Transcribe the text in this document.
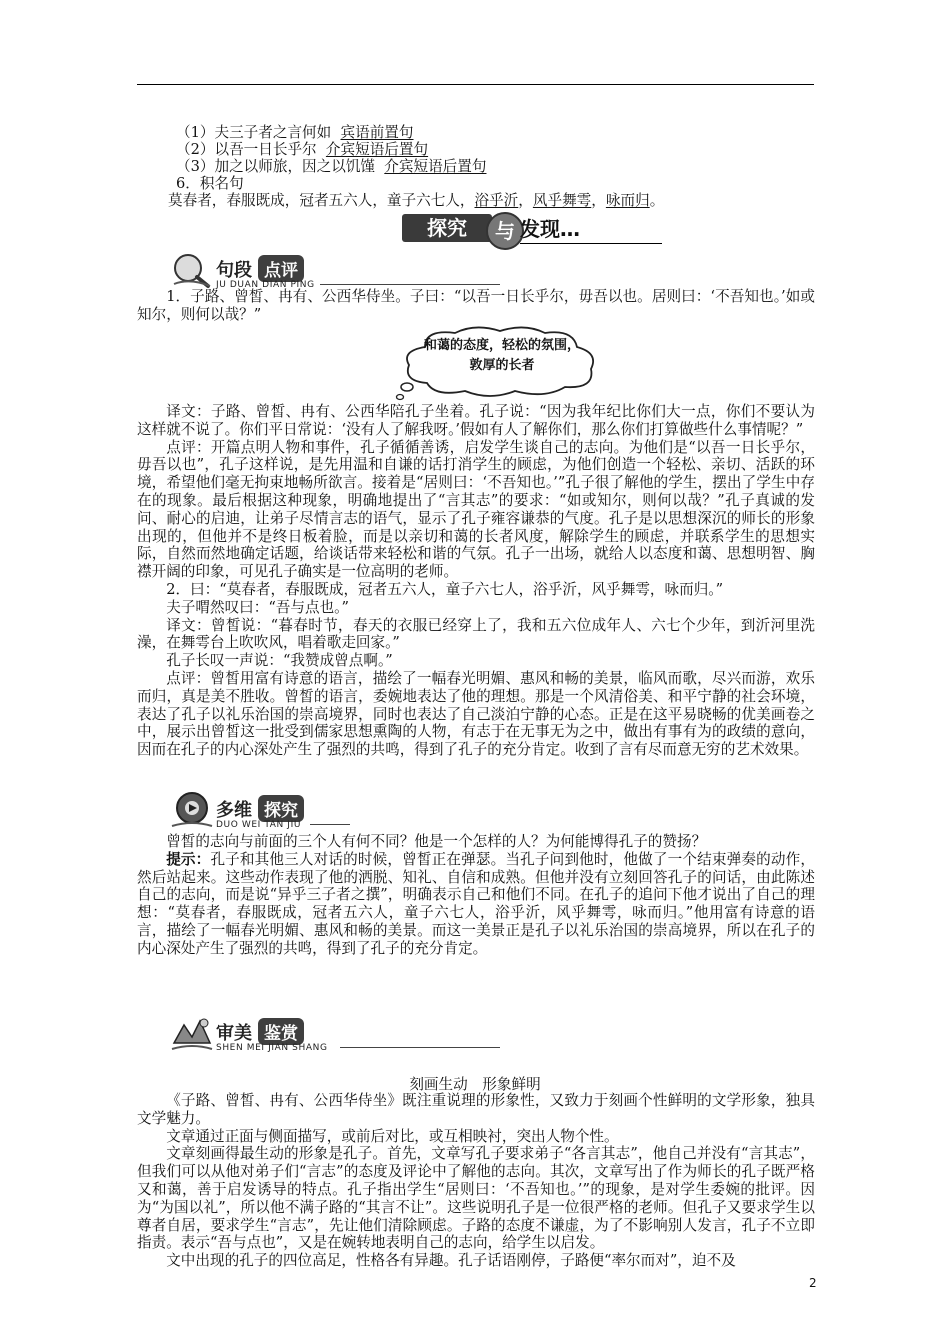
（1）夫三子者之言何如 宾语前置句
（2）以吾一日长乎尔 介宾短语后置句
（3）加之以师旅，因之以饥馑 介宾短语后置句
6．积名句
莫春者，春服既成，冠者五六人，童子六七人，浴乎沂，风乎舞雩，咏而归。
探究	与 发现…
句段 点评
JU DUAN DIAN PING

1．子路、曾皙、冉有、公西华侍坐。子曰：“以吾一日长乎尔，毋吾以也。居则曰：‘不吾知也。’如或知尔，则何以哉？”

和蔼的态度，轻松的氛围，敦厚的长者

译文：子路、曾皙、冉有、公西华陪孔子坐着。孔子说：“因为我年纪比你们大一点，你们不要认为这样就不说了。你们平日常说：‘没有人了解我呀。’假如有人了解你们，那么你们打算做些什么事情呢？”

点评：开篇点明人物和事件，孔子循循善诱，启发学生谈自己的志向。为他们是“以吾一日长乎尔，毋吾以也”，孔子这样说，是先用温和自谦的话打消学生的顾虑，为他们创造一个轻松、亲切、活跃的环境，希望他们毫无拘束地畅所欲言。接着是“居则曰：‘不吾知也。’”孔子很了解他的学生，摆出了学生中存在的现象。最后根据这种现象，明确地提出了“言其志”的要求：“如或知尔，则何以哉？”孔子真诚的发问、耐心的启迪，让弟子尽情言志的语气，显示了孔子雍容谦恭的气度。孔子是以思想深沉的师长的形象出现的，但他并不是终日板着脸，而是以亲切和蔼的长者风度，解除学生的顾虑，并联系学生的思想实际，自然而然地确定话题，给谈话带来轻松和谐的气氛。孔子一出场，就给人以态度和蔼、思想明智、胸襟开阔的印象，可见孔子确实是一位高明的老师。

2．曰：“莫春者，春服既成，冠者五六人，童子六七人，浴乎沂，风乎舞雩，咏而归。”

夫子喟然叹曰：“吾与点也。”

译文：曾皙说：“暮春时节，春天的衣服已经穿上了，我和五六位成年人、六七个少年，到沂河里洗澡，在舞雩台上吹吹风，唱着歌走回家。”

孔子长叹一声说：“我赞成曾点啊。”

点评：曾皙用富有诗意的语言，描绘了一幅春光明媚、惠风和畅的美景，临风而歌，尽兴而游，欢乐而归，真是美不胜收。曾皙的语言，委婉地表达了他的理想。那是一个风清俗美、和平宁静的社会环境，表达了孔子以礼乐治国的崇高境界，同时也表达了自己淡泊宁静的心态。正是在这平易晓畅的优美画卷之中，展示出曾皙这一批受到儒家思想熏陶的人物，有志于在无事无为之中，做出有事有为的政绩的意向，因而在孔子的内心深处产生了强烈的共鸣，得到了孔子的充分肯定。收到了言有尽而意无穷的艺术效果。

多维 探究
DUO WEI TAN JIU

曾皙的志向与前面的三个人有何不同？他是一个怎样的人？为何能博得孔子的赞扬？

提示：孔子和其他三人对话的时候，曾皙正在弹瑟。当孔子问到他时，他做了一个结束弹奏的动作，然后站起来。这些动作表现了他的洒脱、知礼、自信和成熟。但他并没有立刻回答孔子的问话，由此陈述自己的志向，而是说“异乎三子者之撰”，明确表示自己和他们不同。在孔子的追问下他才说出了自己的理想：“莫春者，春服既成，冠者五六人，童子六七人，浴乎沂，风乎舞雩，咏而归。”他用富有诗意的语言，描绘了一幅春光明媚、惠风和畅的美景。而这一美景正是孔子以礼乐治国的崇高境界，所以在孔子的内心深处产生了强烈的共鸣，得到了孔子的充分肯定。

审美 鉴赏
SHEN MEI JIAN SHANG
刻画生动　形象鲜明

《子路、曾皙、冉有、公西华侍坐》既注重说理的形象性，又致力于刻画个性鲜明的文学形象，独具文学魅力。

文章通过正面与侧面描写，或前后对比，或互相映衬，突出人物个性。

文章刻画得最生动的形象是孔子。首先，文章写孔子要求弟子“各言其志”，他自己并没有“言其志”，但我们可以从他对弟子们“言志”的态度及评论中了解他的志向。其次，文章写出了作为师长的孔子既严格又和蔼，善于启发诱导的特点。孔子指出学生“居则曰：‘不吾知也。’”的现象，是对学生委婉的批评。因为“为国以礼”，所以他不满子路的“其言不让”。这些说明孔子是一位很严格的老师。但孔子又要求学生以尊者自居，要求学生“言志”，先让他们清除顾虑。子路的态度不谦虚，为了不影响别人发言，孔子不立即指责。表示“吾与点也”，又是在婉转地表明自己的志向，给学生以启发。

文中出现的孔子的四位高足，性格各有异趣。孔子话语刚停，子路便“率尔而对”，迫不及

2
